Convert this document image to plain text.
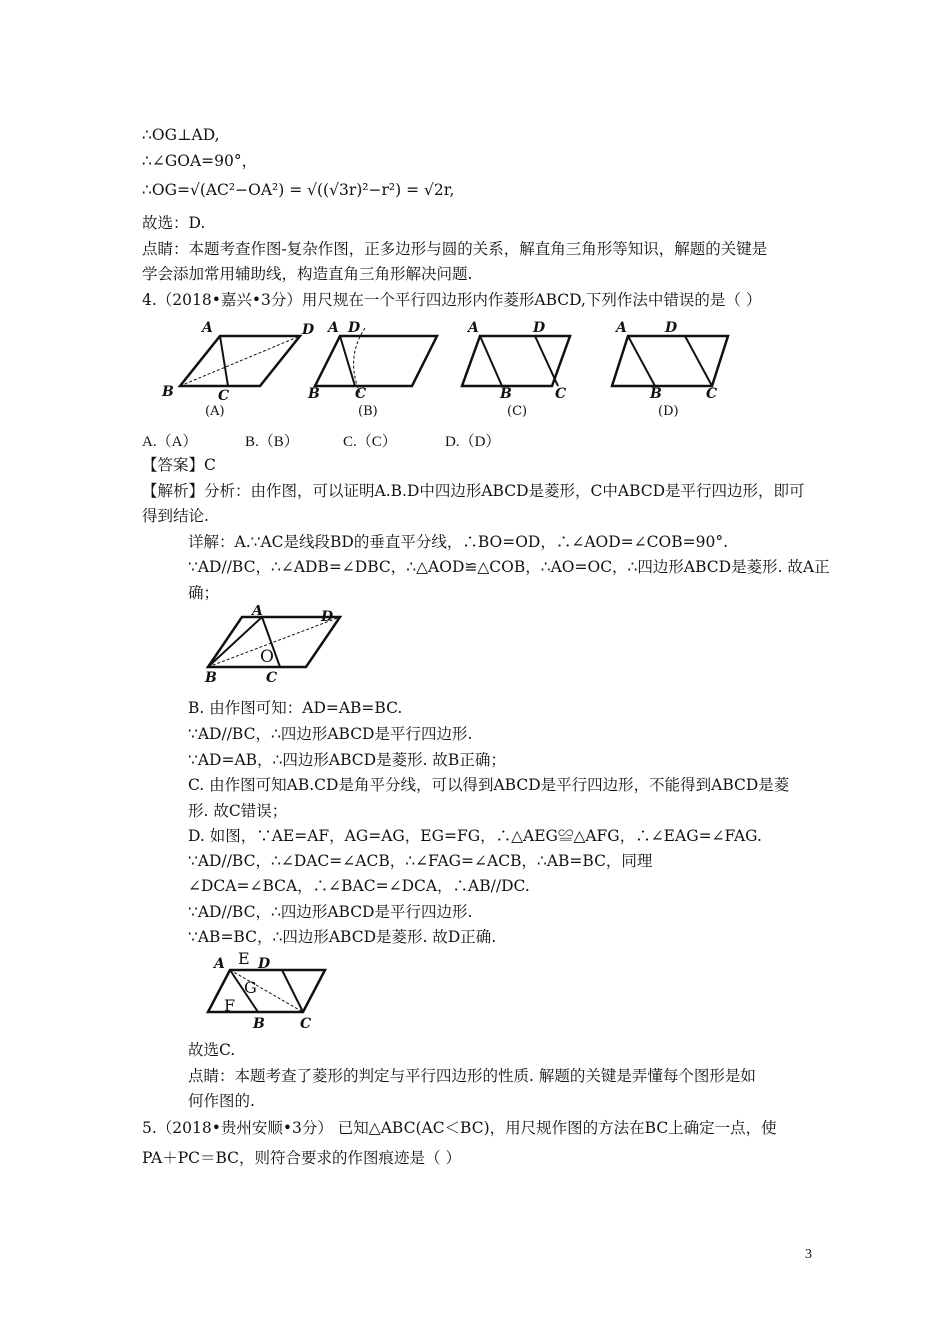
∴OG⊥AD,
∴∠GOA=90°，
∴OG=√(AC²−OA²) = √((√3r)²−r²) = √2r,
故选：D.
点睛：本题考查作图-复杂作图，正多边形与圆的关系，解直角三角形等知识，解题的关键是
学会添加常用辅助线，构造直角三角形解决问题.
4.（2018•嘉兴•3分）用尺规在一个平行四边形内作菱形ABCD,下列作法中错误的是（ ）
A	D
B	C
A D
B	C
A	D
B	C
A	D
B	C
(A)	(B)	(C)	(D)
A.（A）	B.（B）	C.（C）	D.（D）
【答案】C
【解析】分析：由作图，可以证明A.B.D中四边形ABCD是菱形，C中ABCD是平行四边形，即可
得到结论.
详解：A.∵AC是线段BD的垂直平分线，∴BO=OD，∴∠AOD=∠COB=90°.
∵AD//BC，∴∠ADB=∠DBC，∴△AOD≌△COB，∴AO=OC，∴四边形ABCD是菱形. 故A正
确；
A	D
B	C
O
B. 由作图可知：AD=AB=BC.
∵AD//BC，∴四边形ABCD是平行四边形.
∵AD=AB，∴四边形ABCD是菱形. 故B正确；
C. 由作图可知AB.CD是角平分线，可以得到ABCD是平行四边形，不能得到ABCD是菱
形. 故C错误；
D. 如图，∵AE=AF，AG=AG，EG=FG，∴△AEG≌△AFG，∴∠EAG=∠FAG.
∵AD//BC，∴∠DAC=∠ACB，∴∠FAG=∠ACB，∴AB=BC，同理
∠DCA=∠BCA，∴∠BAC=∠DCA，∴AB//DC.
∵AD//BC，∴四边形ABCD是平行四边形.
∵AB=BC，∴四边形ABCD是菱形. 故D正确.
A D
B	C
E
G
F
故选C.
点睛：本题考查了菱形的判定与平行四边形的性质. 解题的关键是弄懂每个图形是如
何作图的.
5.（2018•贵州安顺•3分） 已知△ABC(AC＜BC)，用尺规作图的方法在BC上确定一点，使
PA＋PC＝BC，则符合要求的作图痕迹是（ ）
3
